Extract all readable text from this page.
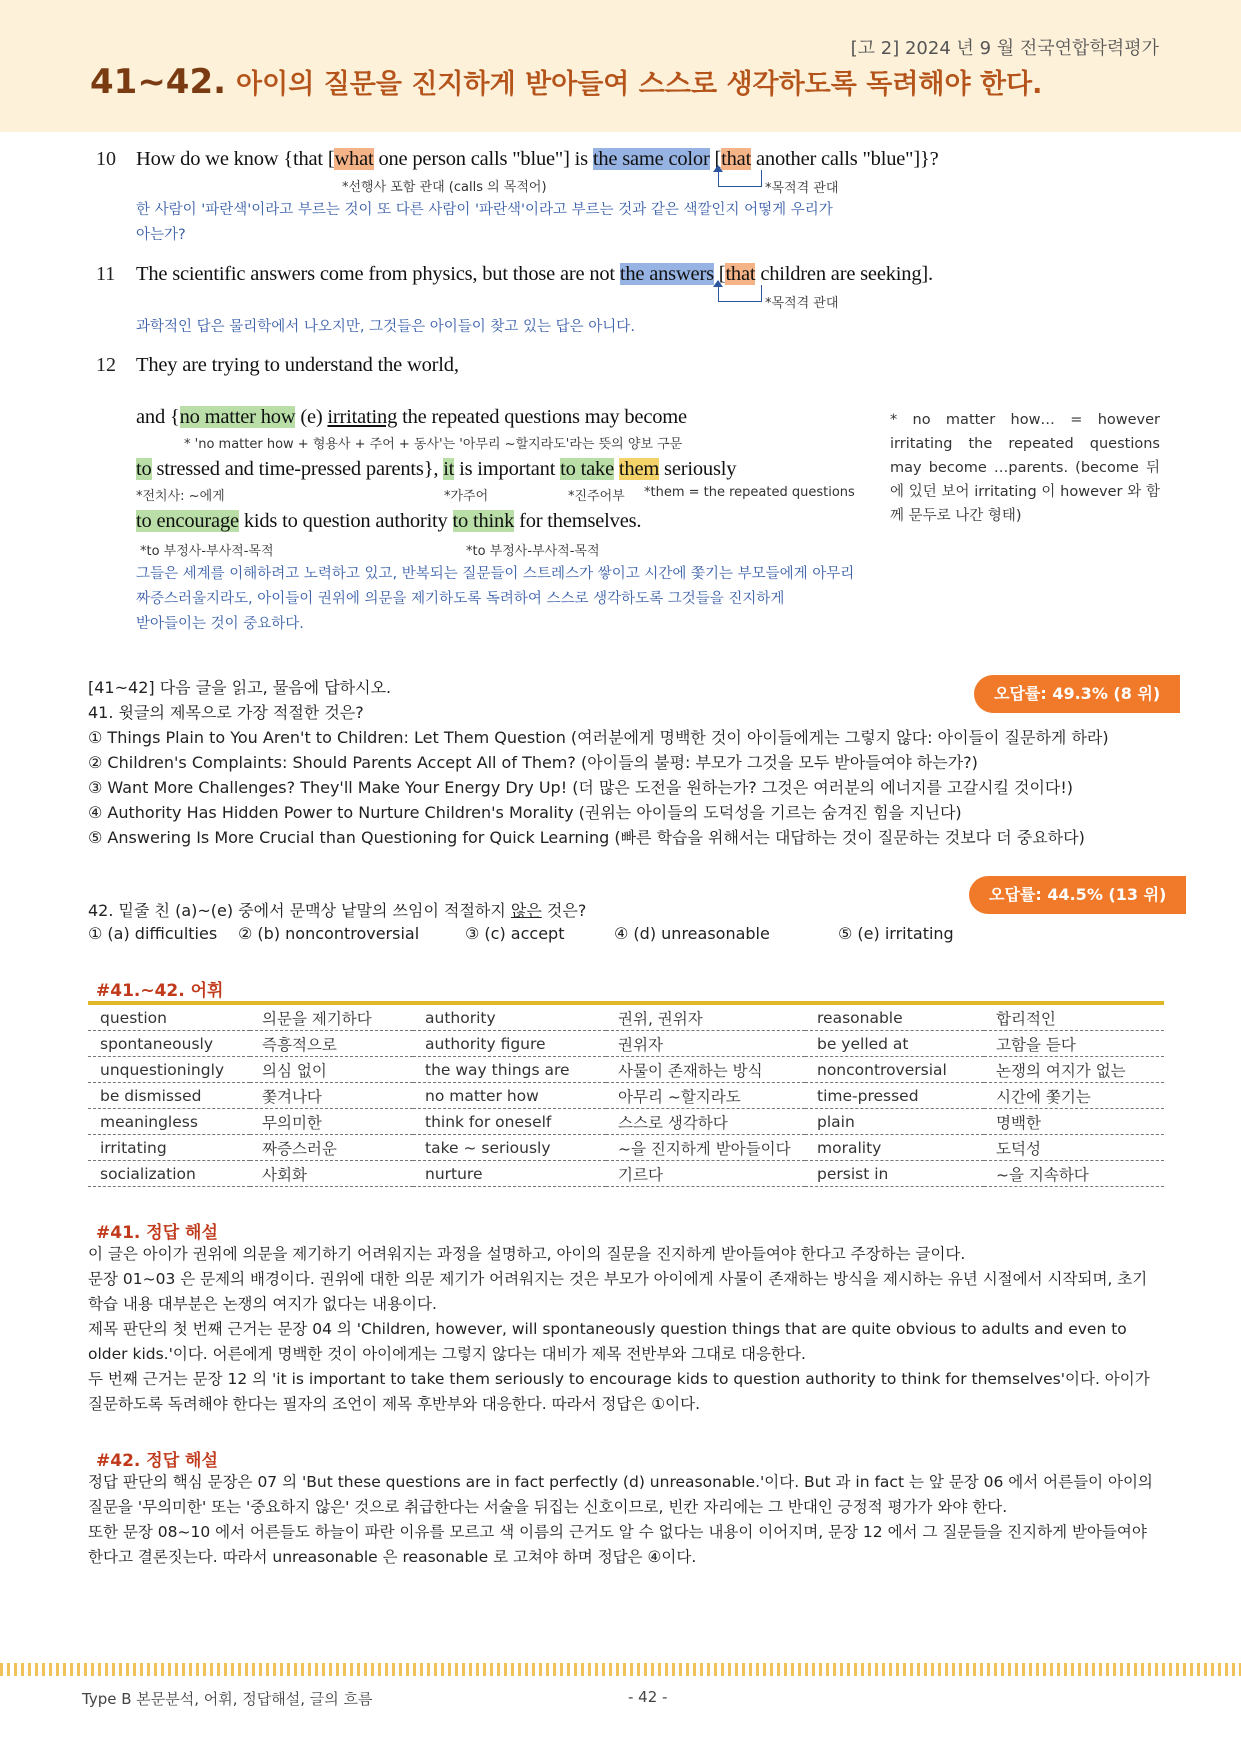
[고 2] 2024 년 9 월 전국연합학력평가
41~42. 아이의 질문을 진지하게 받아들여 스스로 생각하도록 독려해야 한다.
10 How do we know {that [what one person calls "blue"] is the same color [that another calls "blue"]}?
*선행사 포함 관대 (calls 의 목적어)	*목적격 관대
한 사람이 '파란색'이라고 부르는 것이 또 다른 사람이 '파란색'이라고 부르는 것과 같은 색깔인지 어떻게 우리가
아는가?
11 The scientific answers come from physics, but those are not the answers [that children are seeking].
*목적격 관대
과학적인 답은 물리학에서 나오지만, 그것들은 아이들이 찾고 있는 답은 아니다.
12 They are trying to understand the world,
and {no matter how (e) irritating the repeated questions may become
* 'no matter how + 형용사 + 주어 + 동사'는 '아무리 ~할지라도'라는 뜻의 양보 구문
to stressed and time-pressed parents}, it is important to take them seriously
*전치사: ~에게	*가주어	*진주어부 *them = the repeated questions
to encourage kids to question authority to think for themselves.
*to 부정사-부사적-목적	*to 부정사-부사적-목적
그들은 세계를 이해하려고 노력하고 있고, 반복되는 질문들이 스트레스가 쌓이고 시간에 쫓기는 부모들에게 아무리
짜증스러울지라도, 아이들이 권위에 의문을 제기하도록 독려하여 스스로 생각하도록 그것들을 진지하게
받아들이는 것이 중요하다.
* no matter how… = however irritating the repeated questions may become …parents. (become 뒤에 있던 보어 irritating 이 however 와 함께 문두로 나간 형태)
오답률: 49.3% (8 위)
[41~42] 다음 글을 읽고, 물음에 답하시오.
41. 윗글의 제목으로 가장 적절한 것은?
① Things Plain to You Aren't to Children: Let Them Question (여러분에게 명백한 것이 아이들에게는 그렇지 않다: 아이들이 질문하게 하라)
② Children's Complaints: Should Parents Accept All of Them? (아이들의 불평: 부모가 그것을 모두 받아들여야 하는가?)
③ Want More Challenges? They'll Make Your Energy Dry Up! (더 많은 도전을 원하는가? 그것은 여러분의 에너지를 고갈시킬 것이다!)
④ Authority Has Hidden Power to Nurture Children's Morality (권위는 아이들의 도덕성을 기르는 숨겨진 힘을 지닌다)
⑤ Answering Is More Crucial than Questioning for Quick Learning (빠른 학습을 위해서는 대답하는 것이 질문하는 것보다 더 중요하다)
오답률: 44.5% (13 위)
42. 밑줄 친 (a)~(e) 중에서 문맥상 낱말의 쓰임이 적절하지 않은 것은?
① (a) difficulties ② (b) noncontroversial	③ (c) accept	④ (d) unreasonable	⑤ (e) irritating
#41.~42. 어휘
question	의문을 제기하다	authority	권위, 권위자	reasonable	합리적인
spontaneously	즉흥적으로	authority figure	권위자	be yelled at	고함을 듣다
unquestioningly	의심 없이	the way things are	사물이 존재하는 방식	noncontroversial	논쟁의 여지가 없는
be dismissed	쫓겨나다	no matter how	아무리 ~할지라도	time-pressed	시간에 쫓기는
meaningless	무의미한	think for oneself	스스로 생각하다	plain	명백한
irritating	짜증스러운	take ~ seriously	~을 진지하게 받아들이다	morality	도덕성
socialization	사회화	nurture	기르다	persist in	~을 지속하다
#41. 정답 해설
이 글은 아이가 권위에 의문을 제기하기 어려워지는 과정을 설명하고, 아이의 질문을 진지하게 받아들여야 한다고 주장하는 글이다.
문장 01~03 은 문제의 배경이다. 권위에 대한 의문 제기가 어려워지는 것은 부모가 아이에게 사물이 존재하는 방식을 제시하는 유년 시절에서 시작되며, 초기 학습 내용 대부분은 논쟁의 여지가 없다는 내용이다.
제목 판단의 첫 번째 근거는 문장 04 의 'Children, however, will spontaneously question things that are quite obvious to adults and even to older kids.'이다. 어른에게 명백한 것이 아이에게는 그렇지 않다는 대비가 제목 전반부와 그대로 대응한다.
두 번째 근거는 문장 12 의 'it is important to take them seriously to encourage kids to question authority to think for themselves'이다. 아이가 질문하도록 독려해야 한다는 필자의 조언이 제목 후반부와 대응한다. 따라서 정답은 ①이다.
#42. 정답 해설
정답 판단의 핵심 문장은 07 의 'But these questions are in fact perfectly (d) unreasonable.'이다. But 과 in fact 는 앞 문장 06 에서 어른들이 아이의 질문을 '무의미한' 또는 '중요하지 않은' 것으로 취급한다는 서술을 뒤집는 신호이므로, 빈칸 자리에는 그 반대인 긍정적 평가가 와야 한다.
또한 문장 08~10 에서 어른들도 하늘이 파란 이유를 모르고 색 이름의 근거도 알 수 없다는 내용이 이어지며, 문장 12 에서 그 질문들을 진지하게 받아들여야 한다고 결론짓는다. 따라서 unreasonable 은 reasonable 로 고쳐야 하며 정답은 ④이다.
Type B 본문분석, 어휘, 정답해설, 글의 흐름	- 42 -
